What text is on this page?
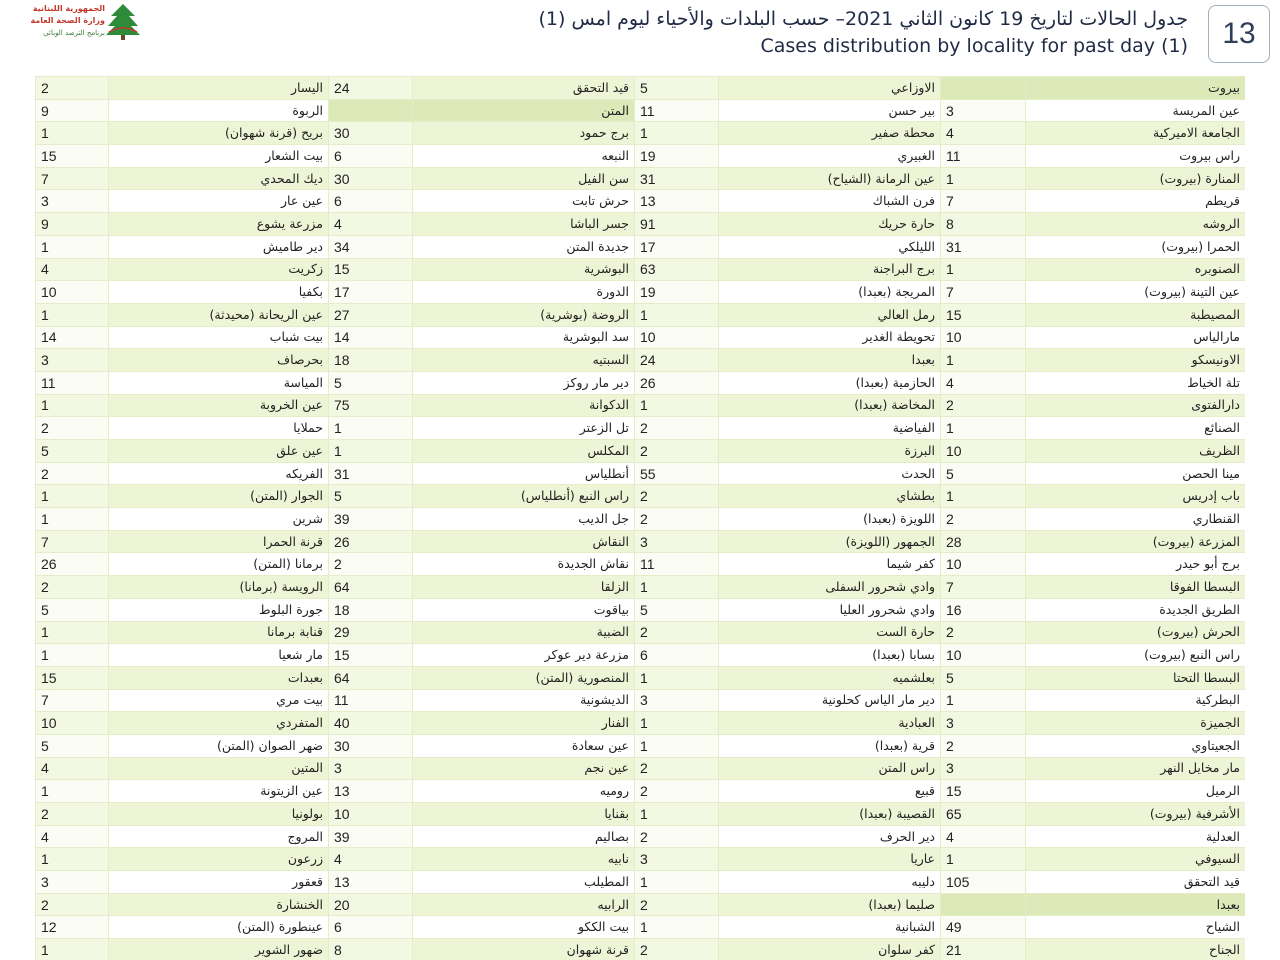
الجمهورية اللبنانية
وزارة الصحة العامة
برنامج الترصد الوبائي
جدول الحالات لتاريخ 19 كانون الثاني 2021– حسب البلدات والأحياء ليوم امس (1)
Cases distribution by locality for past day (1) 13
بيروت		الاوزاعي	5	قيد التحقق	24	اليسار	2
عين المريسة	3	بير حسن	11	المتن		الربوة	9
الجامعة الاميركية	4	محطة صفير	1	برج حمود	30	بريح (قرنة شهوان)	1
راس بيروت	11	الغبيري	19	النبعه	6	بيت الشعار	15
المنارة (بيروت)	1	عين الرمانة (الشياح)	31	سن الفيل	30	ديك المحدي	7
قريطم	7	فرن الشباك	13	حرش تابت	6	عين عار	3
الروشه	8	حارة حريك	91	جسر الباشا	4	مزرعة يشوع	9
الحمرا (بيروت)	31	الليلكي	17	جديدة المتن	34	دير طاميش	1
الصنوبره	1	برج البراجنة	63	البوشرية	15	زكريت	4
عين التينة (بيروت)	7	المريجة (بعبدا)	19	الدورة	17	بكفيا	10
المصيطبة	15	رمل العالي	1	الروضة (بوشرية)	27	عين الريحانة (محيدثة)	1
مارالياس	10	تحويطة الغدير	10	سد البوشرية	14	بيت شباب	14
الاونيسكو	1	بعبدا	24	السبتيه	18	بحرصاف	3
تلة الخياط	4	الحازمية (بعبدا)	26	دير مار روكز	5	المياسة	11
دارالفتوى	2	المخاضة (بعبدا)	1	الدكوانة	75	عين الخروبة	1
الصنائع	1	الفياضية	2	تل الزعتر	1	حملايا	2
الظريف	10	البرزة	2	المكلس	1	عين علق	5
مينا الحصن	5	الحدث	55	أنطلياس	31	الفريكه	2
باب إدريس	1	بطشاي	2	راس النبع (أنطلياس)	5	الجوار (المتن)	1
القنطاري	2	اللويزة (بعبدا)	2	جل الديب	39	شرين	1
المزرعة (بيروت)	28	الجمهور (اللويزة)	3	النقاش	26	قرنة الحمرا	7
برج أبو حيدر	10	كفر شيما	11	نقاش الجديدة	2	برمانا (المتن)	26
البسطا الفوقا	7	وادي شحرور السفلى	1	الزلقا	64	الرويسة (برمانا)	2
الطريق الجديدة	16	وادي شحرور العليا	5	بياقوت	18	جورة البلوط	5
الحرش (بيروت)	2	حارة الست	2	الضبية	29	قنابة برمانا	1
راس النبع (بيروت)	10	بسابا (بعبدا)	6	مزرعة دير عوكر	15	مار شعيا	1
البسطا التحتا	5	بعلشميه	1	المنصورية (المتن)	64	بعبدات	15
البطركية	1	دير مار الياس كحلونية	3	الديشونية	11	بيت مري	7
الجميزة	3	العبادية	1	الفنار	40	المتفردي	10
الجعيتاوي	2	قرية (بعبدا)	1	عين سعادة	30	ضهر الصوان (المتن)	5
مار مخايل النهر	3	راس المتن	2	عين نجم	3	المتين	4
الرميل	15	قبيع	2	روميه	13	عين الزيتونة	1
الأشرفية (بيروت)	65	القصيبة (بعبدا)	1	بقنايا	10	بولونيا	2
العدلية	4	دير الحرف	2	بصاليم	39	المروج	4
السيوفي	1	عاريا	3	نابيه	4	زرعون	1
قيد التحقق	105	دليبه	1	المطيلب	13	قعقور	3
بعبدا		صليما (بعبدا)	2	الرابيه	20	الخنشارة	2
الشياح	49	الشبانية	1	بيت الككو	6	عينطورة (المتن)	12
الجناح	21	كفر سلوان	2	قرنة شهوان	8	ضهور الشوير	1
